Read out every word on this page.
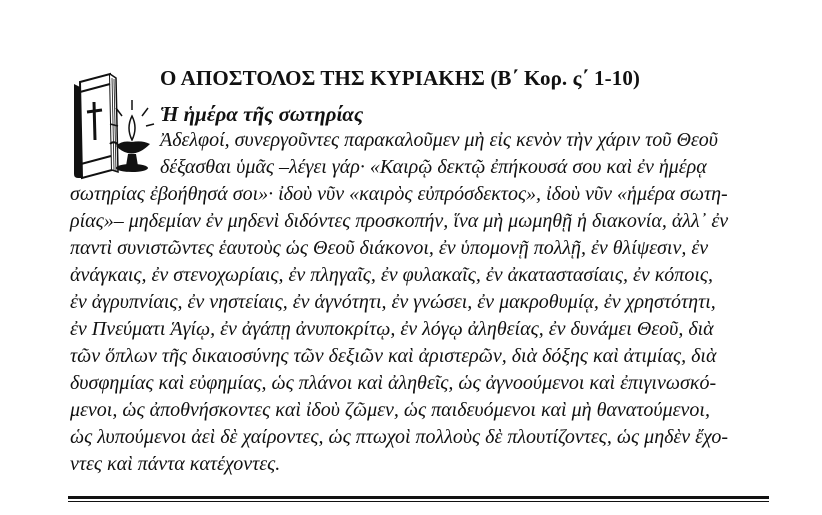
Ο ΑΠΟΣΤΟΛΟΣ ΤΗΣ ΚΥΡΙΑΚΗΣ (Β΄ Κορ. ς΄ 1-10)
Ἡ ἡμέρα τῆς σωτηρίας
Ἀδελφοί, συνεργοῦντες παρακαλοῦμεν μὴ εἰς κενὸν τὴν χάριν τοῦ Θεοῦ
δέξασθαι ὑμᾶς –λέγει γάρ· «Καιρῷ δεκτῷ ἐπήκουσά σου καὶ ἐν ἡμέρᾳ
σωτηρίας ἐβοήθησά σοι»· ἰδοὺ νῦν «καιρὸς εὐπρόσδεκτος», ἰδοὺ νῦν «ἡμέρα σωτη-
ρίας»– μηδεμίαν ἐν μηδενὶ διδόντες προσκοπήν, ἵνα μὴ μωμηθῇ ἡ διακονία, ἀλλ᾽ ἐν
παντὶ συνιστῶντες ἑαυτοὺς ὡς Θεοῦ διάκονοι, ἐν ὑπομονῇ πολλῇ, ἐν θλίψεσιν, ἐν
ἀνάγκαις, ἐν στενοχωρίαις, ἐν πληγαῖς, ἐν φυλακαῖς, ἐν ἀκαταστασίαις, ἐν κόποις,
ἐν ἀγρυπνίαις, ἐν νηστείαις, ἐν ἁγνότητι, ἐν γνώσει, ἐν μακροθυμίᾳ, ἐν χρηστότητι,
ἐν Πνεύματι Ἁγίῳ, ἐν ἀγάπῃ ἀνυποκρίτῳ, ἐν λόγῳ ἀληθείας, ἐν δυνάμει Θεοῦ, διὰ
τῶν ὅπλων τῆς δικαιοσύνης τῶν δεξιῶν καὶ ἀριστερῶν, διὰ δόξης καὶ ἀτιμίας, διὰ
δυσφημίας καὶ εὐφημίας, ὡς πλάνοι καὶ ἀληθεῖς, ὡς ἀγνοούμενοι καὶ ἐπιγινωσκό-
μενοι, ὡς ἀποθνήσκοντες καὶ ἰδοὺ ζῶμεν, ὡς παιδευόμενοι καὶ μὴ θανατούμενοι,
ὡς λυπούμενοι ἀεὶ δὲ χαίροντες, ὡς πτωχοὶ πολλοὺς δὲ πλουτίζοντες, ὡς μηδὲν ἔχο-
ντες καὶ πάντα κατέχοντες.
